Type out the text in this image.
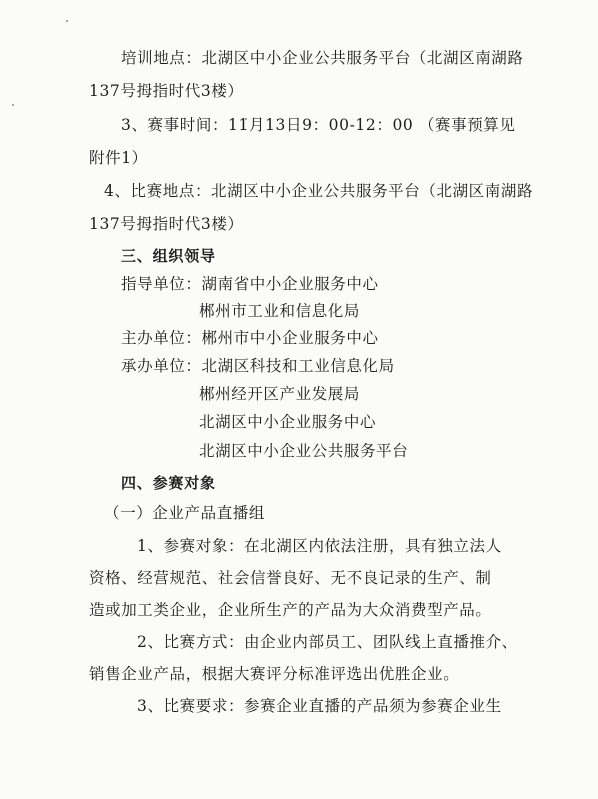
培训地点：北湖区中小企业公共服务平台（北湖区南湖路
137号拇指时代3楼）
3、赛事时间：11月13日9：00-12：00 （赛事预算见
附件1）
4、比赛地点：北湖区中小企业公共服务平台（北湖区南湖路
137号拇指时代3楼）
三、组织领导
指导单位：湖南省中小企业服务中心
郴州市工业和信息化局
主办单位：郴州市中小企业服务中心
承办单位：北湖区科技和工业信息化局
郴州经开区产业发展局
北湖区中小企业服务中心
北湖区中小企业公共服务平台
四、参赛对象
（一）企业产品直播组
1、参赛对象：在北湖区内依法注册，具有独立法人
资格、经营规范、社会信誉良好、无不良记录的生产、制
造或加工类企业，企业所生产的产品为大众消费型产品。
2、比赛方式：由企业内部员工、团队线上直播推介、
销售企业产品，根据大赛评分标准评选出优胜企业。
3、比赛要求：参赛企业直播的产品须为参赛企业生
